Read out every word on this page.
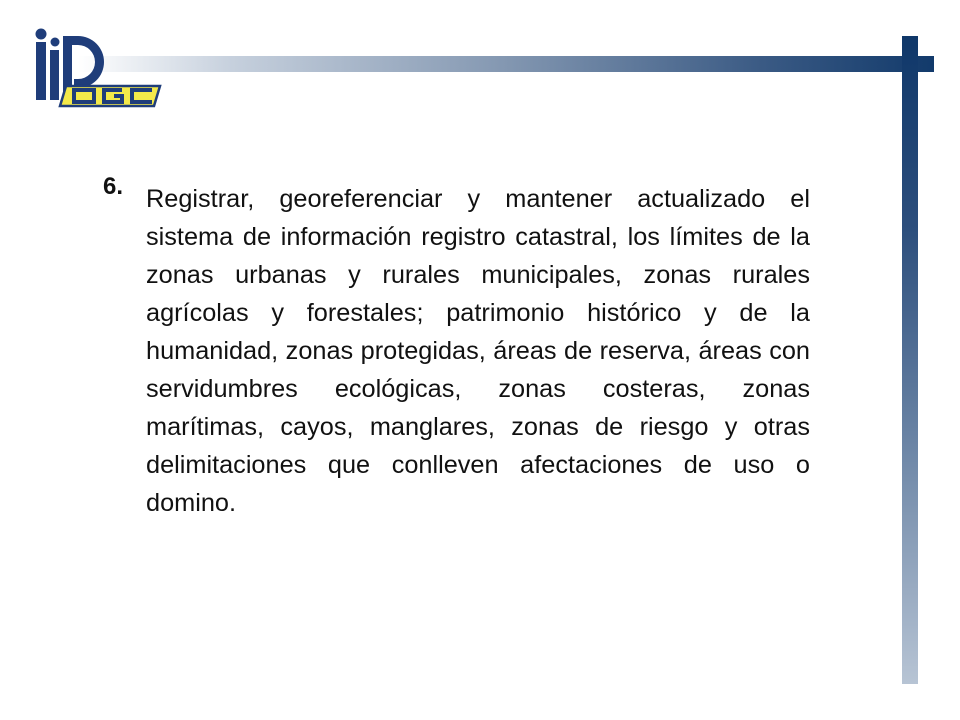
OGC
6. Registrar, georeferenciar y mantener actualizado el sistema de información registro catastral, los límites de la zonas urbanas y rurales municipales, zonas rurales agrícolas y forestales; patrimonio histórico y de la humanidad, zonas protegidas, áreas de reserva, áreas con servidumbres ecológicas, zonas costeras, zonas marítimas, cayos, manglares, zonas de riesgo y otras delimitaciones que conlleven afectaciones de uso o domino.
